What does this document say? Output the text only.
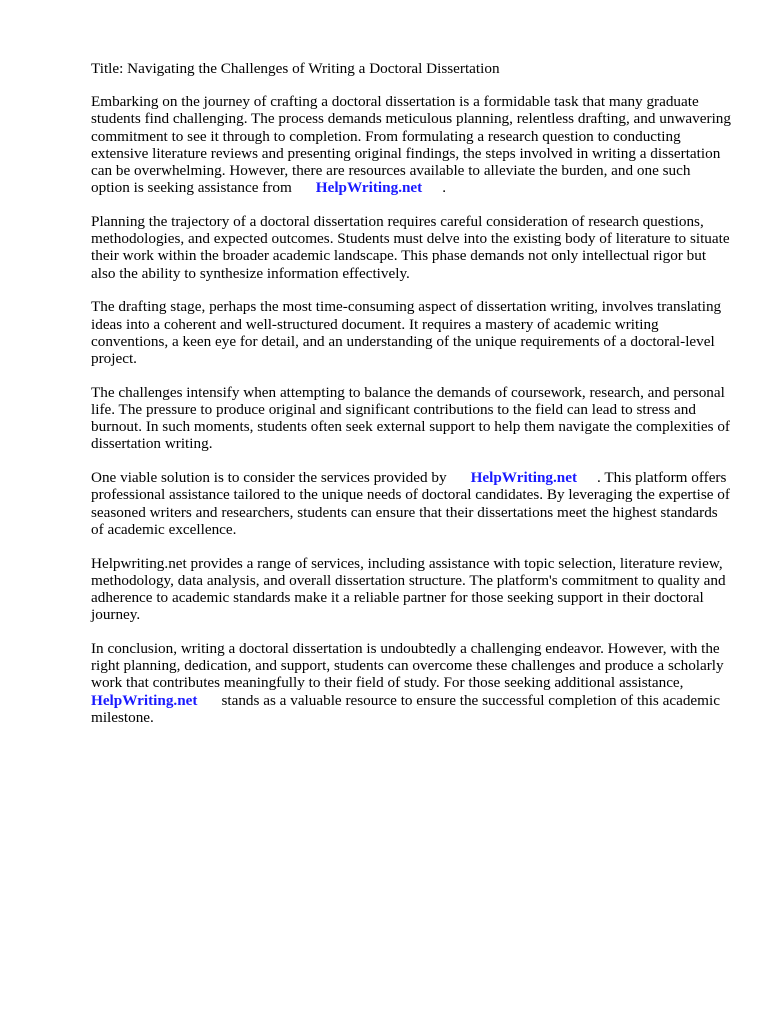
Title: Navigating the Challenges of Writing a Doctoral Dissertation

Embarking on the journey of crafting a doctoral dissertation is a formidable task that many graduate students find challenging. The process demands meticulous planning, relentless drafting, and unwavering commitment to see it through to completion. From formulating a research question to conducting extensive literature reviews and presenting original findings, the steps involved in writing a dissertation can be overwhelming. However, there are resources available to alleviate the burden, and one such option is seeking assistance from HelpWriting.net .

Planning the trajectory of a doctoral dissertation requires careful consideration of research questions, methodologies, and expected outcomes. Students must delve into the existing body of literature to situate their work within the broader academic landscape. This phase demands not only intellectual rigor but also the ability to synthesize information effectively.

The drafting stage, perhaps the most time-consuming aspect of dissertation writing, involves translating ideas into a coherent and well-structured document. It requires a mastery of academic writing conventions, a keen eye for detail, and an understanding of the unique requirements of a doctoral-level project.

The challenges intensify when attempting to balance the demands of coursework, research, and personal life. The pressure to produce original and significant contributions to the field can lead to stress and burnout. In such moments, students often seek external support to help them navigate the complexities of dissertation writing.

One viable solution is to consider the services provided by HelpWriting.net . This platform offers professional assistance tailored to the unique needs of doctoral candidates. By leveraging the expertise of seasoned writers and researchers, students can ensure that their dissertations meet the highest standards of academic excellence.

Helpwriting.net provides a range of services, including assistance with topic selection, literature review, methodology, data analysis, and overall dissertation structure. The platform's commitment to quality and adherence to academic standards make it a reliable partner for those seeking support in their doctoral journey.

In conclusion, writing a doctoral dissertation is undoubtedly a challenging endeavor. However, with the right planning, dedication, and support, students can overcome these challenges and produce a scholarly work that contributes meaningfully to their field of study. For those seeking additional assistance,HelpWriting.net stands as a valuable resource to ensure the successful completion of this academic milestone.
